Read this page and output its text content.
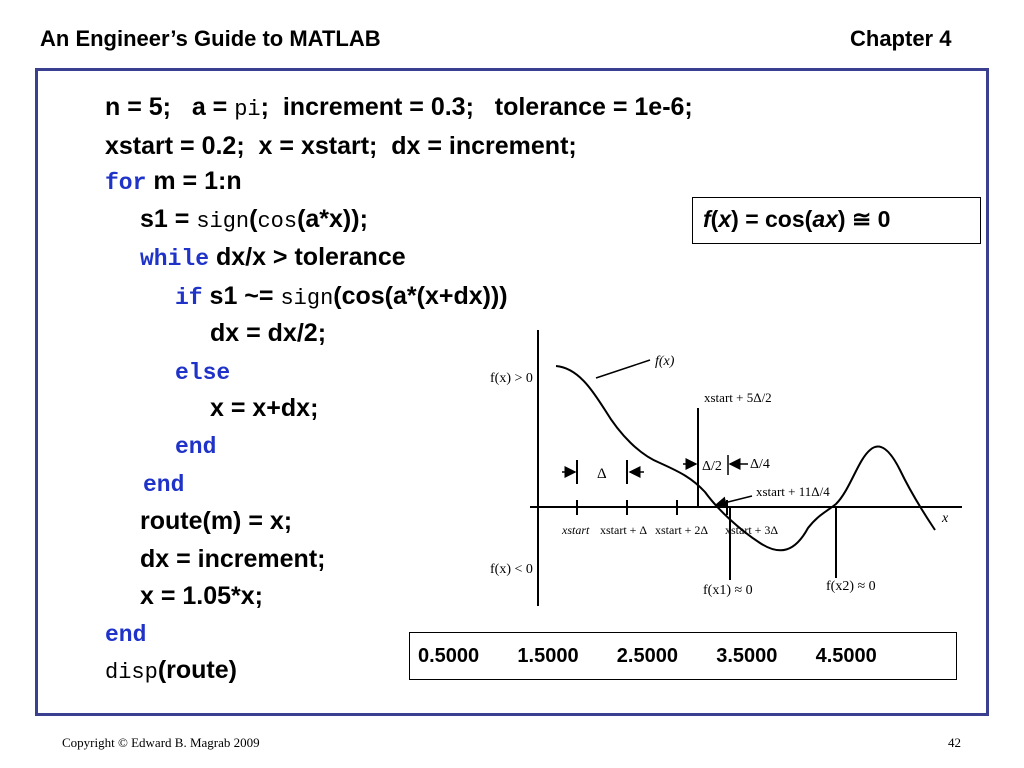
An Engineer’s Guide to MATLAB	Chapter 4
n = 5;   a = pi;  increment = 0.3;   tolerance = 1e-6;
xstart = 0.2;  x = xstart;  dx = increment;
for m = 1:n
s1 = sign(cos(a*x));
while dx/x > tolerance
if s1 ~= sign(cos(a*(x+dx)))
dx = dx/2;
else
x = x+dx;
end
end
route(m) = x;
dx = increment;
x = 1.05*x;
end
disp(route)
f(x) = cos(ax) ≅ 0
f(x)
f(x) > 0
f(x) < 0
x
xstart + 5Δ/2
Δ	Δ/2 Δ/4
xstart + 11Δ/4
xstart xstart + Δ xstart + 2Δ xstart + 3Δ
f(x1) ≈ 0	f(x2) ≈ 0
0.5000    1.5000    2.5000    3.5000    4.5000
Copyright © Edward B. Magrab 2009	42
